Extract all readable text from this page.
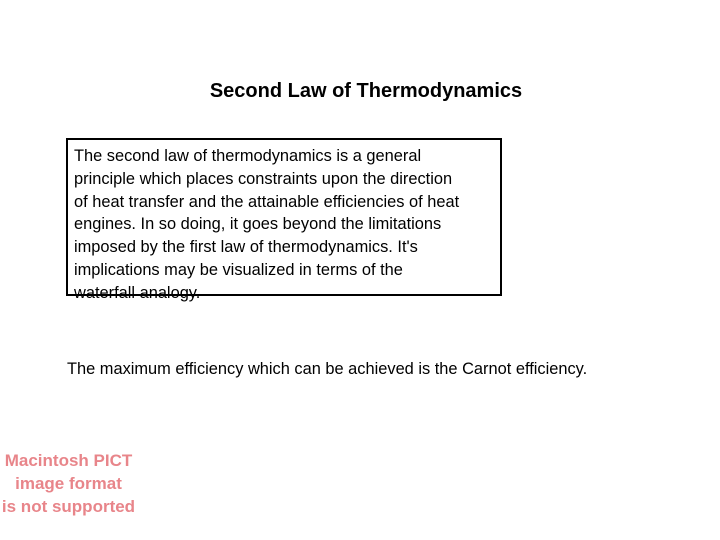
Second Law of Thermodynamics

The second law of thermodynamics is a general
principle which places constraints upon the direction
of heat transfer and the attainable efficiencies of heat
engines. In so doing, it goes beyond the limitations
imposed by the first law of thermodynamics. It's
implications may be visualized in terms of the
waterfall analogy.

The maximum efficiency which can be achieved is the Carnot efficiency.

Macintosh PICT
image format
is not supported
